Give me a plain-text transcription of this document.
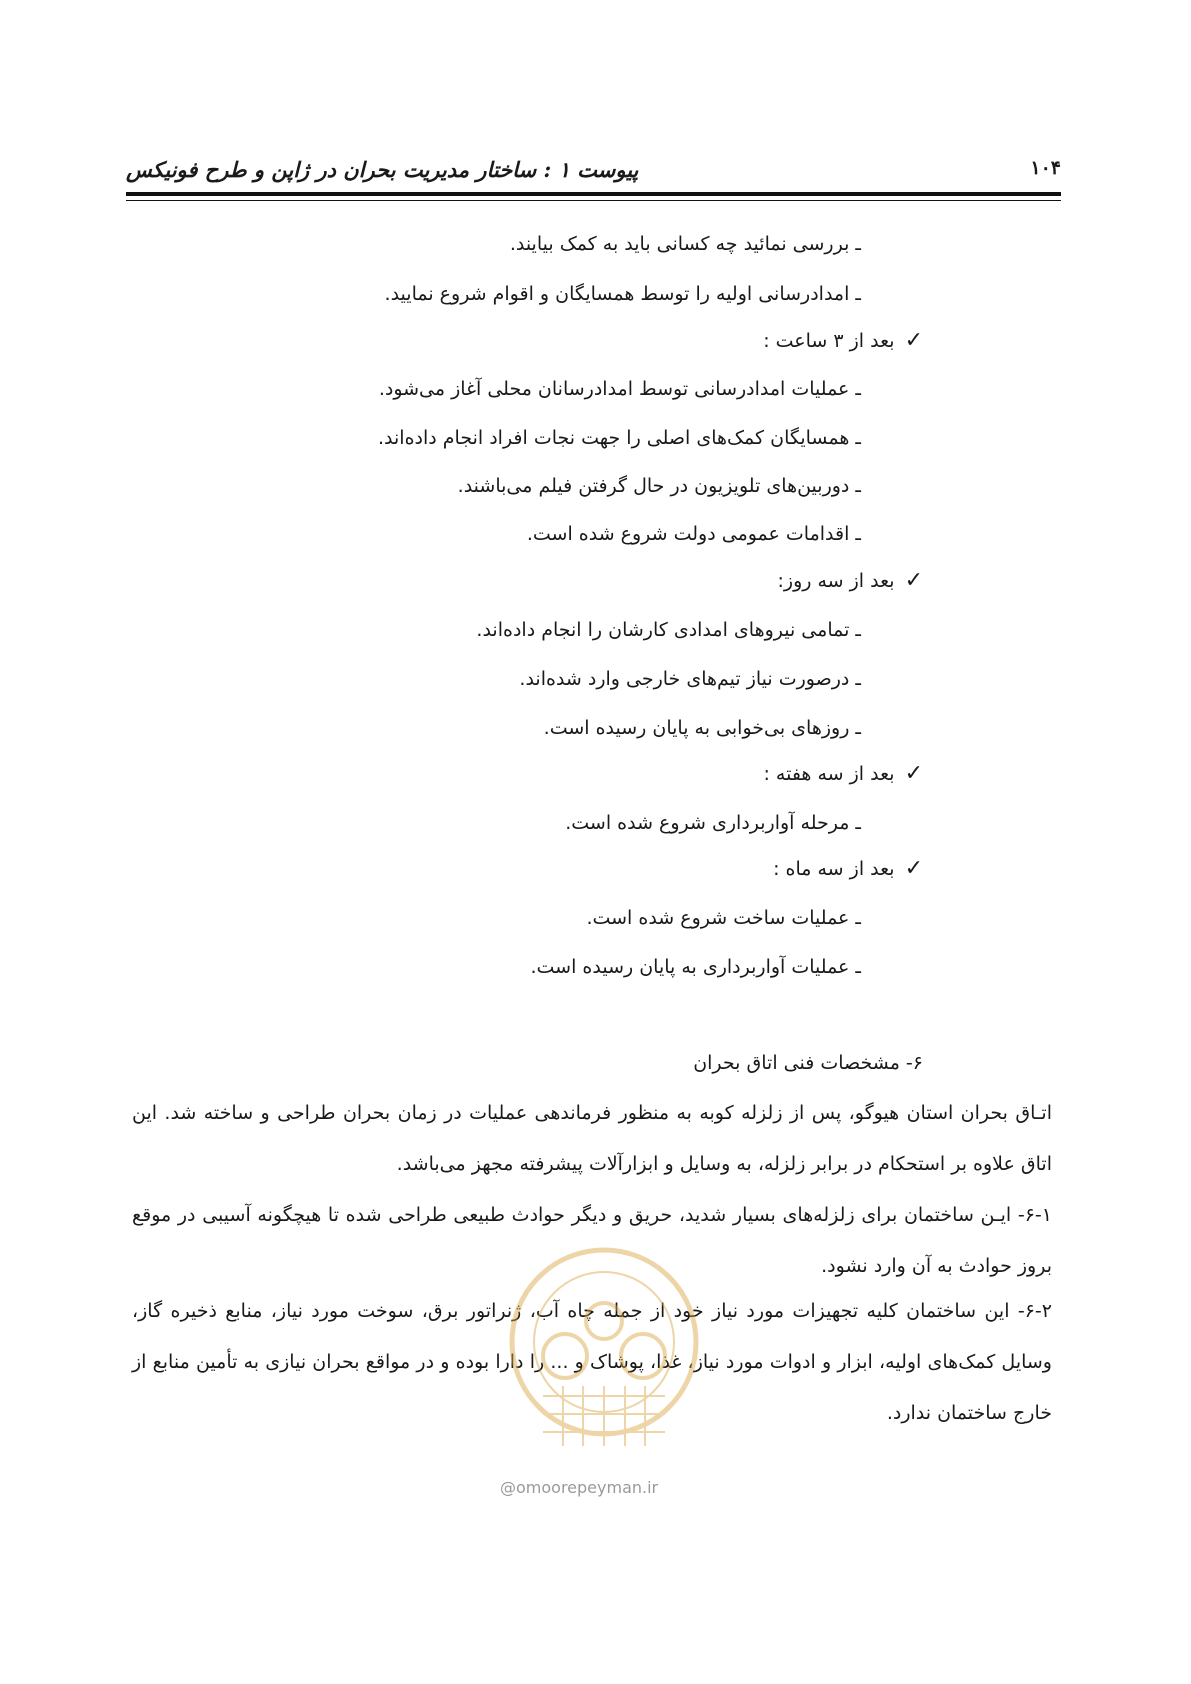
۱۰۴
پیوست ۱ : ساختار مدیریت بحران در ژاپن و طرح فونیکس
ـ بررسی نمائید چه کسانی باید به کمک بیایند.
ـ امدادرسانی اولیه را توسط همسایگان و اقوام شروع نمایید.
✓بعد از ۳ ساعت :
ـ عملیات امدادرسانی توسط امدادرسانان محلی آغاز می‌شود.
ـ همسایگان کمک‌های اصلی را جهت نجات افراد انجام داده‌اند.
ـ دوربین‌های تلویزیون در حال گرفتن فیلم می‌باشند.
ـ اقدامات عمومی دولت شروع شده است.
✓بعد از سه روز:
ـ تمامی نیروهای امدادی کارشان را انجام داده‌اند.
ـ درصورت نیاز تیم‌های خارجی وارد شده‌اند.
ـ روزهای بی‌خوابی به پایان رسیده است.
✓بعد از سه هفته :
ـ مرحله آواربرداری شروع شده است.
✓بعد از سه ماه :
ـ عملیات ساخت شروع شده است.
ـ عملیات آواربرداری به پایان رسیده است.
۶- مشخصات فنی اتاق بحران
اتـاق بحران استان هیوگو، پس از زلزله کوبه به منظور فرماندهی عملیات در زمان بحران طراحی و ساخته شد. این اتاق علاوه بر استحکام در برابر زلزله، به وسایل و ابزارآلات پیشرفته مجهز می‌باشد.
۶-۱- ایـن ساختمان برای زلزله‌های بسیار شدید، حریق و دیگر حوادث طبیعی طراحی شده تا هیچگونه آسیبی در موقع بروز حوادث به آن وارد نشود.
۶-۲- این ساختمان کلیه تجهیزات مورد نیاز خود از جمله چاه آب، ژنراتور برق، سوخت مورد نیاز، منابع ذخیره گاز، وسایل کمک‌های اولیه، ابزار و ادوات مورد نیاز، غذا، پوشاک و ... را دارا بوده و در مواقع بحران نیازی به تأمین منابع از خارج ساختمان ندارد.
@omoorepeyman.ir
